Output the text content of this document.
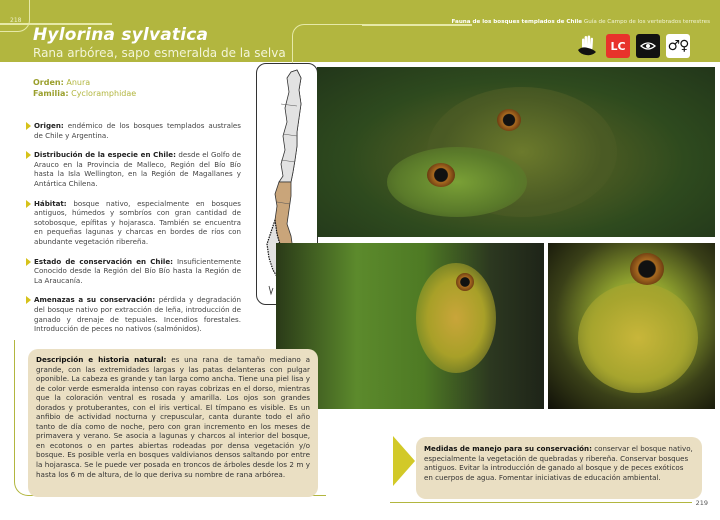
218
Hylorina sylvatica
Rana arbórea, sapo esmeralda de la selva
Fauna de los bosques templados de Chile Guía de Campo de los vertebrados terrestres
LC	♂♀
Orden: Anura
Familia: Cycloramphidae
Origen: endémico de los bosques templados australes de Chile y Argentina.
Distribución de la especie en Chile: desde el Golfo de Arauco en la Provincia de Malleco, Región del Bío Bío hasta la Isla Wellington, en la Región de Magallanes y Antártica Chilena.
Hábitat: bosque nativo, especialmente en bosques antiguos, húmedos y sombríos con gran cantidad de sotobosque, epífitas y hojarasca. También se encuentra en pequeñas lagunas y charcas en bordes de ríos con abundante vegetación ribereña.
Estado de conservación en Chile: Insuficientemente Conocido desde la Región del Bío Bío hasta la Región de La Araucanía.
Amenazas a su conservación: pérdida y degradación del bosque nativo por extracción de leña, introducción de ganado y drenaje de tepuales. Incendios forestales. Introducción de peces no nativos (salmónidos).
Descripción e historia natural: es una rana de tamaño mediano a grande, con las extremidades largas y las patas delanteras con pulgar oponible. La cabeza es grande y tan larga como ancha. Tiene una piel lisa y de color verde esmeralda intenso con rayas cobrizas en el dorso, mientras que la coloración ventral es rosada y amarilla. Los ojos son grandes dorados y protuberantes, con el iris vertical. El tímpano es visible. Es un anfibio de actividad nocturna y crepuscular, canta durante todo el año tanto de día como de noche, pero con gran incremento en los meses de primavera y verano. Se asocia a lagunas y charcos al interior del bosque, en ecotonos o en partes abiertas rodeadas por densa vegetación y/o bosque. Es posible verla en bosques valdivianos densos saltando por entre la hojarasca. Se le puede ver posada en troncos de árboles desde los 2 m y hasta los 6 m de altura, de lo que deriva su nombre de rana arbórea.
Medidas de manejo para su conservación: conservar el bosque nativo, especialmente la vegetación de quebradas y ribereña. Conservar bosques antiguos. Evitar la introducción de ganado al bosque y de peces exóticos en cuerpos de agua. Fomentar iniciativas de educación ambiental.
219
